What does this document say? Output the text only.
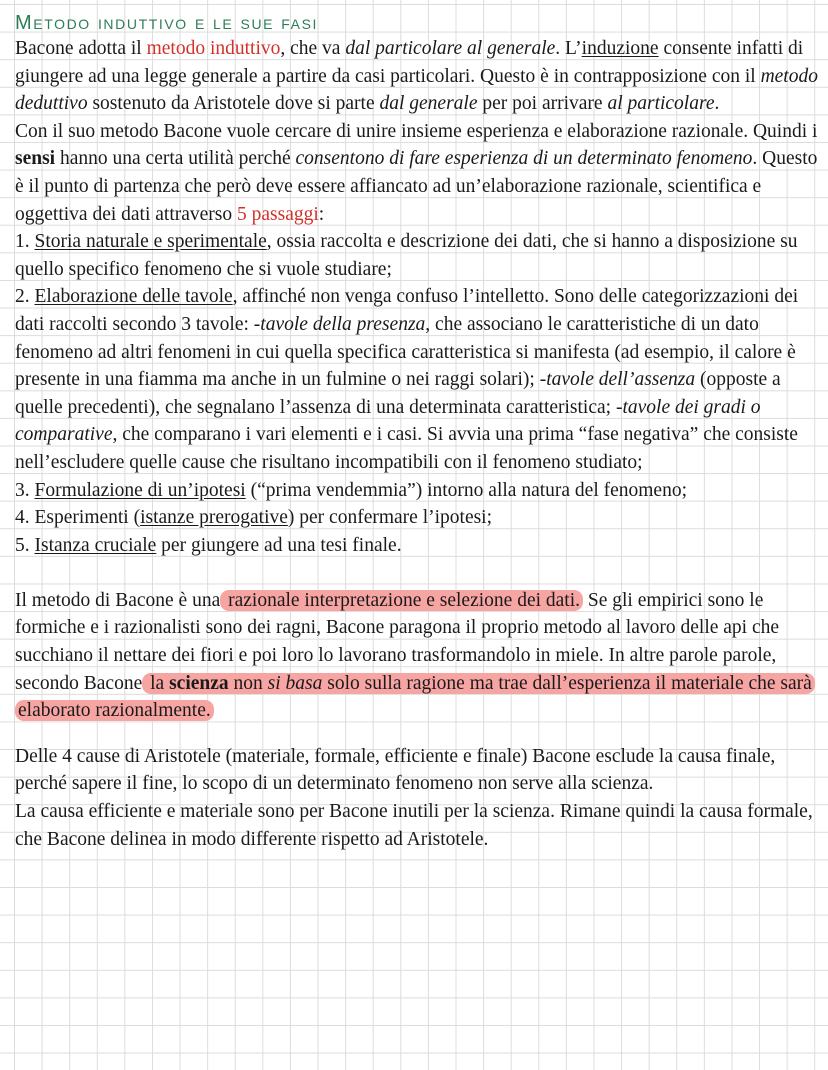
Metodo induttivo e le sue fasi

Bacone adotta il metodo induttivo, che va dal particolare al generale. L’induzione consente infatti di giungere ad una legge generale a partire da casi particolari. Questo è in contrapposizione con il metodo deduttivo sostenuto da Aristotele dove si parte dal generale per poi arrivare al particolare.

Con il suo metodo Bacone vuole cercare di unire insieme esperienza e elaborazione razionale. Quindi i sensi hanno una certa utilità perché consentono di fare esperienza di un determinato fenomeno. Questo è il punto di partenza che però deve essere affiancato ad un’elaborazione razionale, scientifica e oggettiva dei dati attraverso 5 passaggi:

1. Storia naturale e sperimentale, ossia raccolta e descrizione dei dati, che si hanno a disposizione su quello specifico fenomeno che si vuole studiare;

2. Elaborazione delle tavole, affinché non venga confuso l’intelletto. Sono delle categorizzazioni dei dati raccolti secondo 3 tavole: -tavole della presenza, che associano le caratteristiche di un dato fenomeno ad altri fenomeni in cui quella specifica caratteristica si manifesta (ad esempio, il calore è presente in una fiamma ma anche in un fulmine o nei raggi solari); -tavole dell’assenza (opposte a quelle precedenti), che segnalano l’assenza di una determinata caratteristica; -tavole dei gradi o comparative, che comparano i vari elementi e i casi. Si avvia una prima “fase negativa” che consiste nell’escludere quelle cause che risultano incompatibili con il fenomeno studiato;

3. Formulazione di un’ipotesi (“prima vendemmia”) intorno alla natura del fenomeno;

4. Esperimenti (istanze prerogative) per confermare l’ipotesi;

5. Istanza cruciale per giungere ad una tesi finale.

Il metodo di Bacone è una razionale interpretazione e selezione dei dati. Se gli empirici sono le formiche e i razionalisti sono dei ragni, Bacone paragona il proprio metodo al lavoro delle api che succhiano il nettare dei fiori e poi loro lo lavorano trasformandolo in miele. In altre parole parole, secondo Bacone la scienza non si basa solo sulla ragione ma trae dall’esperienza il materiale che sarà elaborato razionalmente.

Delle 4 cause di Aristotele (materiale, formale, efficiente e finale) Bacone esclude la causa finale, perché sapere il fine, lo scopo di un determinato fenomeno non serve alla scienza.

La causa efficiente e materiale sono per Bacone inutili per la scienza. Rimane quindi la causa formale, che Bacone delinea in modo differente rispetto ad Aristotele.
